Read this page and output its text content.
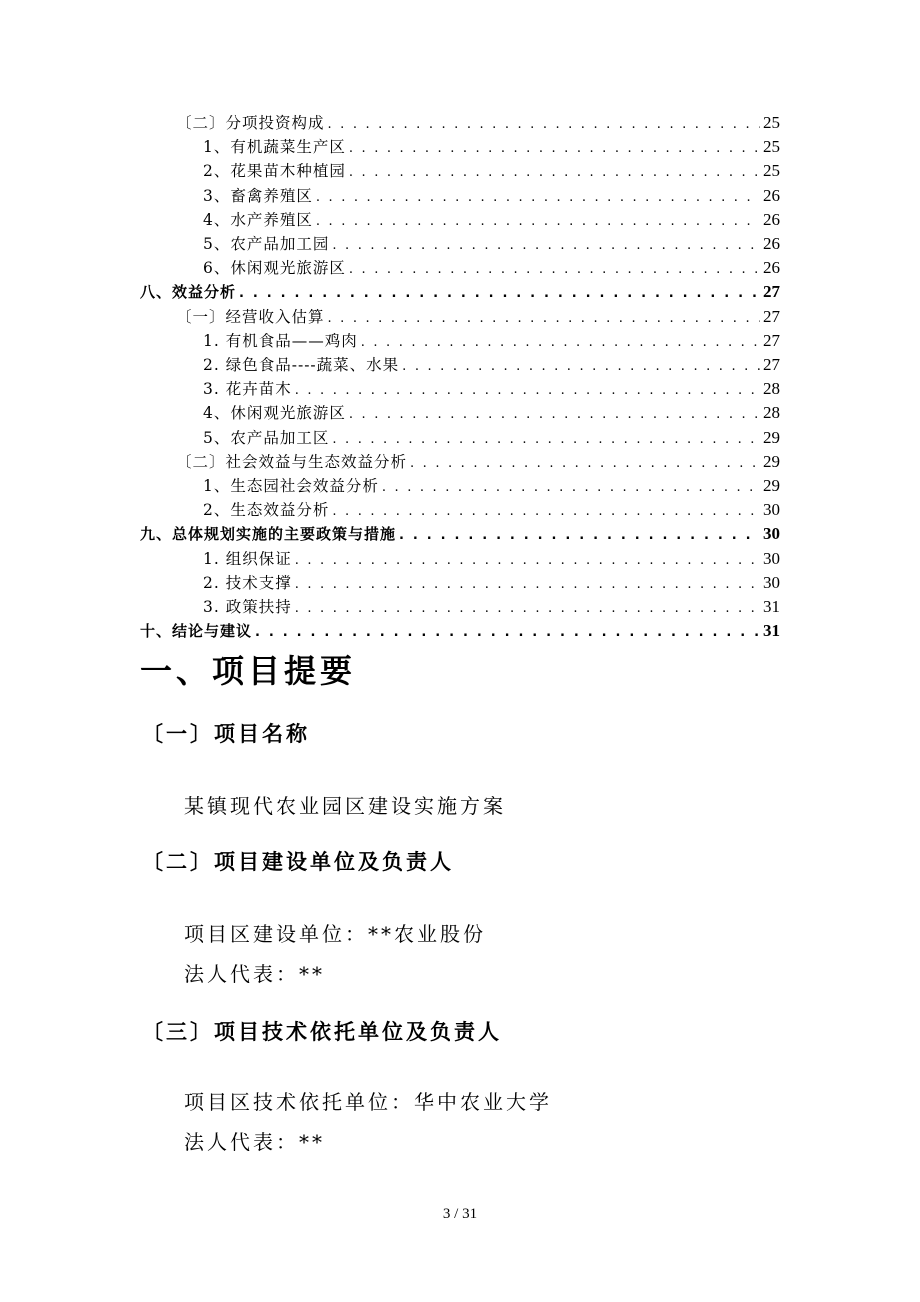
〔二〕分项投资构成 . . .	25
1、有机蔬菜生产区 . . .	25
2、花果苗木种植园 . . .	25
3、畜禽养殖区 . . .	26
4、水产养殖区 . . .	26
5、农产品加工园 . . .	26
6、休闲观光旅游区 . . .	26
八、效益分析 . . .	27
〔一〕经营收入估算 . . .	27
1. 有机食品——鸡肉 . . .	27
2. 绿色食品----蔬菜、水果 . . .	27
3. 花卉苗木 . . .	28
4、休闲观光旅游区 . . .	28
5、农产品加工区 . . .	29
〔二〕社会效益与生态效益分析 . . .	29
1、生态园社会效益分析 . . .	29
2、生态效益分析 . . .	30
九、总体规划实施的主要政策与措施 . . .	30
1. 组织保证 . . .	30
2. 技术支撑 . . .	30
3. 政策扶持 . . .	31
十、结论与建议 . . .	31
一、项目提要
〔一〕项目名称

某镇现代农业园区建设实施方案

〔二〕项目建设单位及负责人

项目区建设单位：**农业股份

法人代表：**

〔三〕项目技术依托单位及负责人

项目区技术依托单位：华中农业大学

法人代表：**

3 / 31
